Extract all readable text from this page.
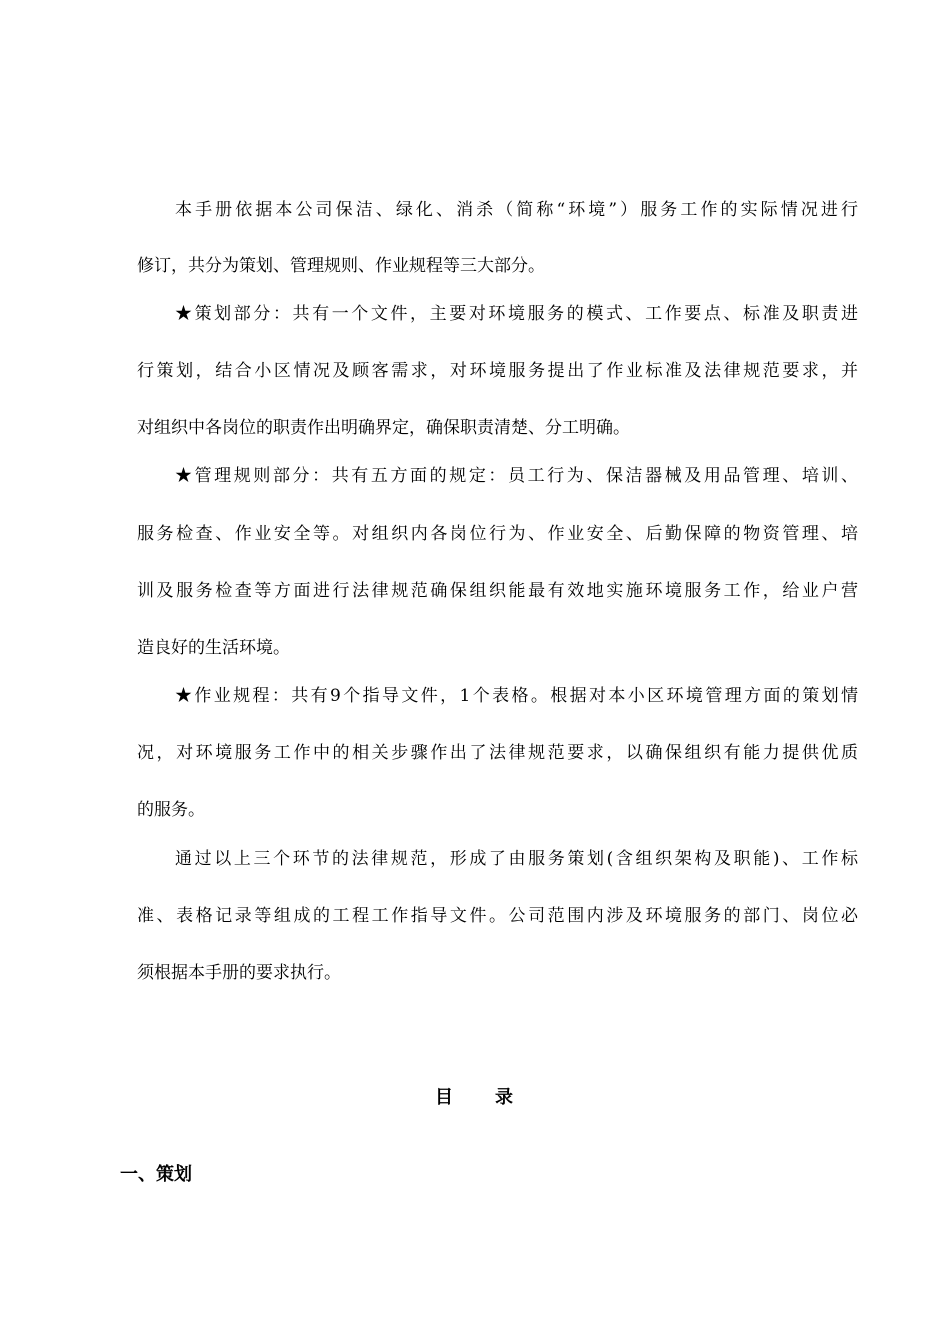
本手册依据本公司保洁、绿化、消杀（简称“环境”）服务工作的实际情况进行
修订，共分为策划、管理规则、作业规程等三大部分。
★策划部分：共有一个文件，主要对环境服务的模式、工作要点、标准及职责进
行策划，结合小区情况及顾客需求，对环境服务提出了作业标准及法律规范要求，并
对组织中各岗位的职责作出明确界定，确保职责清楚、分工明确。
★管理规则部分：共有五方面的规定：员工行为、保洁器械及用品管理、培训、
服务检查、作业安全等。对组织内各岗位行为、作业安全、后勤保障的物资管理、培
训及服务检查等方面进行法律规范确保组织能最有效地实施环境服务工作，给业户营
造良好的生活环境。
★作业规程：共有9个指导文件，1个表格。根据对本小区环境管理方面的策划情
况，对环境服务工作中的相关步骤作出了法律规范要求，以确保组织有能力提供优质
的服务。
通过以上三个环节的法律规范，形成了由服务策划(含组织架构及职能)、工作标
准、表格记录等组成的工程工作指导文件。公司范围内涉及环境服务的部门、岗位必
须根据本手册的要求执行。
目　　录
一、策划
